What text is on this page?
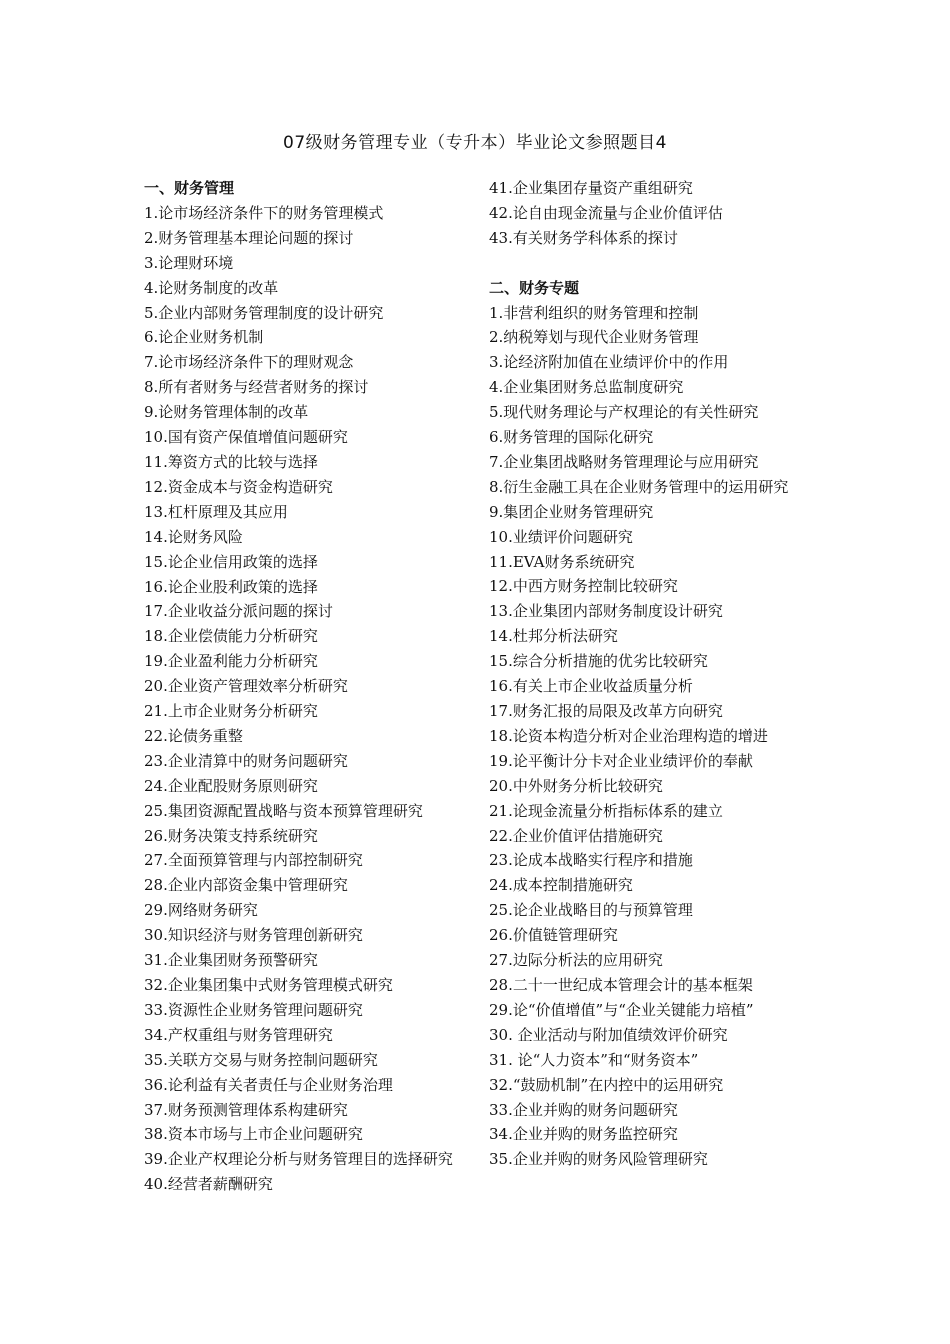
07级财务管理专业（专升本）毕业论文参照题目4
一、财务管理
1.论市场经济条件下的财务管理模式
2.财务管理基本理论问题的探讨
3.论理财环境
4.论财务制度的改革
5.企业内部财务管理制度的设计研究
6.论企业财务机制
7.论市场经济条件下的理财观念
8.所有者财务与经营者财务的探讨
9.论财务管理体制的改革
10.国有资产保值增值问题研究
11.筹资方式的比较与选择
12.资金成本与资金构造研究
13.杠杆原理及其应用
14.论财务风险
15.论企业信用政策的选择
16.论企业股利政策的选择
17.企业收益分派问题的探讨
18.企业偿债能力分析研究
19.企业盈利能力分析研究
20.企业资产管理效率分析研究
21.上市企业财务分析研究
22.论债务重整
23.企业清算中的财务问题研究
24.企业配股财务原则研究
25.集团资源配置战略与资本预算管理研究
26.财务决策支持系统研究
27.全面预算管理与内部控制研究
28.企业内部资金集中管理研究
29.网络财务研究
30.知识经济与财务管理创新研究
31.企业集团财务预警研究
32.企业集团集中式财务管理模式研究
33.资源性企业财务管理问题研究
34.产权重组与财务管理研究
35.关联方交易与财务控制问题研究
36.论利益有关者责任与企业财务治理
37.财务预测管理体系构建研究
38.资本市场与上市企业问题研究
39.企业产权理论分析与财务管理目的选择研究
40.经营者薪酬研究
41.企业集团存量资产重组研究
42.论自由现金流量与企业价值评估
43.有关财务学科体系的探讨
二、财务专题
1.非营利组织的财务管理和控制
2.纳税筹划与现代企业财务管理
3.论经济附加值在业绩评价中的作用
4.企业集团财务总监制度研究
5.现代财务理论与产权理论的有关性研究
6.财务管理的国际化研究
7.企业集团战略财务管理理论与应用研究
8.衍生金融工具在企业财务管理中的运用研究
9.集团企业财务管理研究
10.业绩评价问题研究
11.EVA财务系统研究
12.中西方财务控制比较研究
13.企业集团内部财务制度设计研究
14.杜邦分析法研究
15.综合分析措施的优劣比较研究
16.有关上市企业收益质量分析
17.财务汇报的局限及改革方向研究
18.论资本构造分析对企业治理构造的增进
19.论平衡计分卡对企业业绩评价的奉献
20.中外财务分析比较研究
21.论现金流量分析指标体系的建立
22.企业价值评估措施研究
23.论成本战略实行程序和措施
24.成本控制措施研究
25.论企业战略目的与预算管理
26.价值链管理研究
27.边际分析法的应用研究
28.二十一世纪成本管理会计的基本框架
29.论“价值增值”与“企业关键能力培植”
30. 企业活动与附加值绩效评价研究
31. 论“人力资本”和“财务资本”
32.“鼓励机制”在内控中的运用研究
33.企业并购的财务问题研究
34.企业并购的财务监控研究
35.企业并购的财务风险管理研究
